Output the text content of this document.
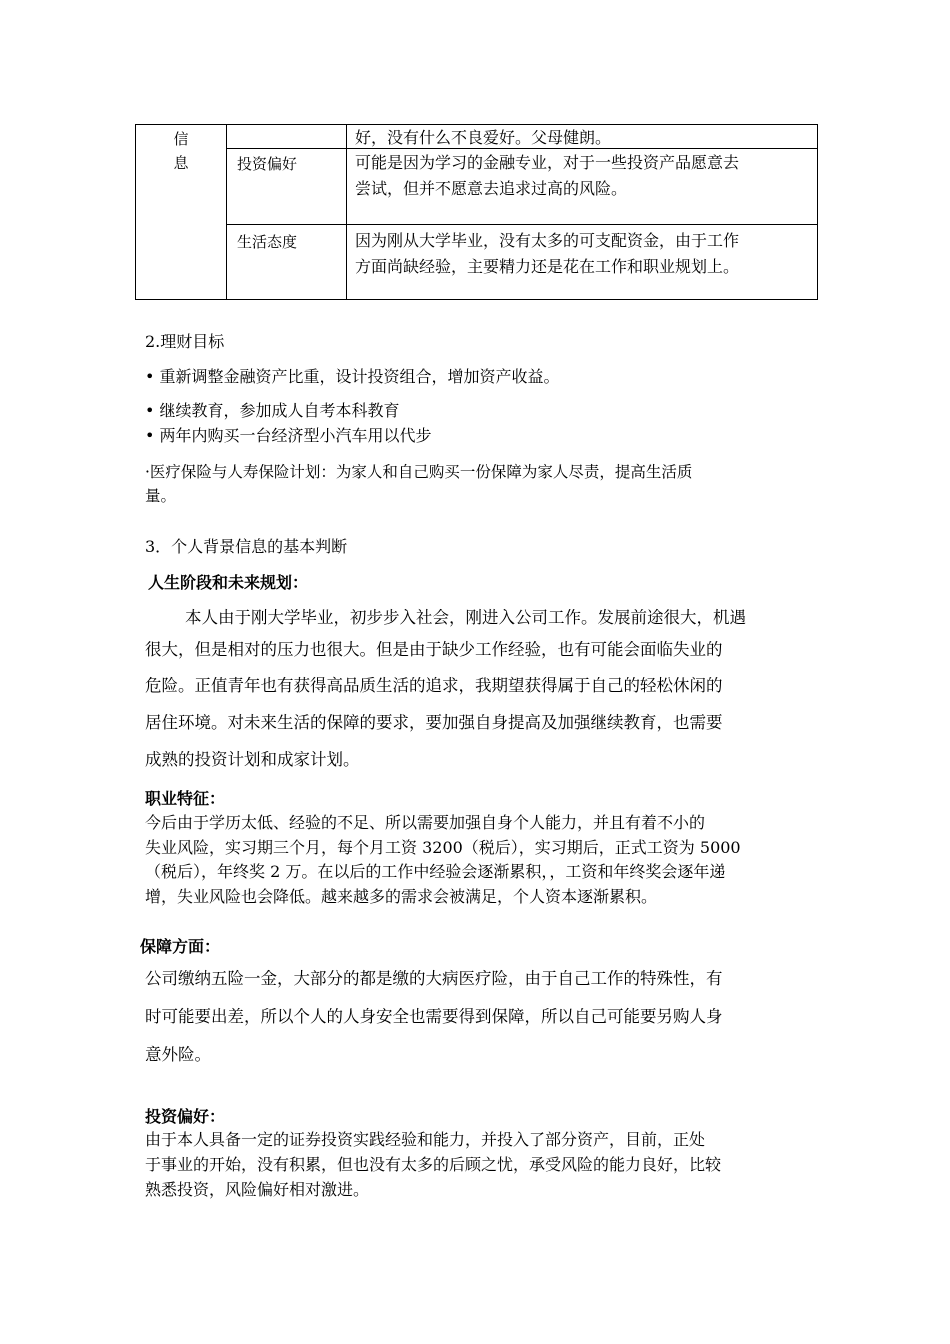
信
息
好，没有什么不良爱好。父母健朗。
投资偏好	可能是因为学习的金融专业，对于一些投资产品愿意去
尝试，但并不愿意去追求过高的风险。
生活态度	因为刚从大学毕业，没有太多的可支配资金，由于工作
方面尚缺经验，主要精力还是花在工作和职业规划上。
2.理财目标
• 重新调整金融资产比重，设计投资组合，增加资产收益。
• 继续教育，参加成人自考本科教育
• 两年内购买一台经济型小汽车用以代步
·医疗保险与人寿保险计划：为家人和自己购买一份保障为家人尽责，提高生活质
量。
3．个人背景信息的基本判断
人生阶段和未来规划：
本人由于刚大学毕业，初步步入社会，刚进入公司工作。发展前途很大，机遇
很大，但是相对的压力也很大。但是由于缺少工作经验，也有可能会面临失业的
危险。正值青年也有获得高品质生活的追求，我期望获得属于自己的轻松休闲的
居住环境。对未来生活的保障的要求，要加强自身提高及加强继续教育，也需要
成熟的投资计划和成家计划。
职业特征：
今后由于学历太低、经验的不足、所以需要加强自身个人能力，并且有着不小的
失业风险，实习期三个月，每个月工资 3200（税后），实习期后，正式工资为 5000
（税后），年终奖 2 万。在以后的工作中经验会逐渐累积，，工资和年终奖会逐年递
增，失业风险也会降低。越来越多的需求会被满足，个人资本逐渐累积。
保障方面：
公司缴纳五险一金，大部分的都是缴的大病医疗险，由于自己工作的特殊性，有
时可能要出差，所以个人的人身安全也需要得到保障，所以自己可能要另购人身
意外险。
投资偏好：
由于本人具备一定的证券投资实践经验和能力，并投入了部分资产，目前，正处
于事业的开始，没有积累，但也没有太多的后顾之忧，承受风险的能力良好，比较
熟悉投资，风险偏好相对激进。
